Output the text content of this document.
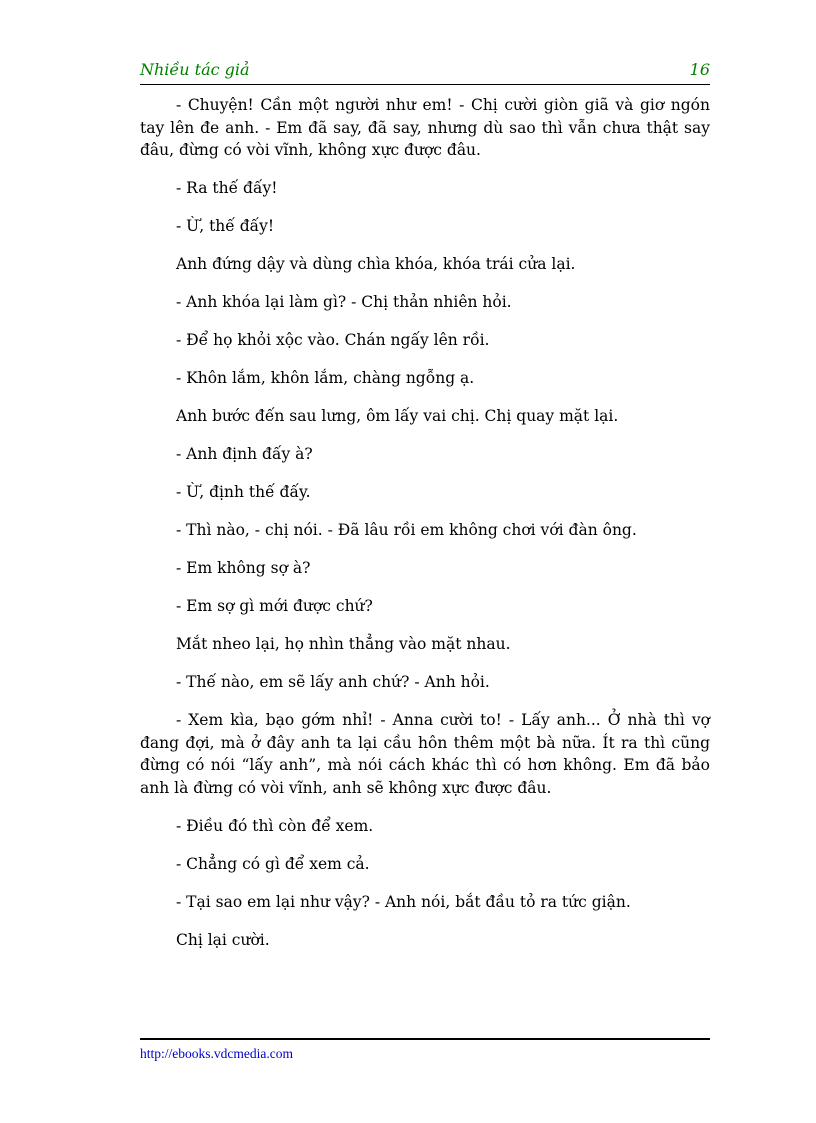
Nhiều tác giả	16

- Chuyện! Cần một người như em! - Chị cười giòn giã và giơ ngón tay lên đe anh. - Em đã say, đã say, nhưng dù sao thì vẫn chưa thật say đâu, đừng có vòi vĩnh, không xực được đâu.

- Ra thế đấy!

- Ừ, thế đấy!

Anh đứng dậy và dùng chìa khóa, khóa trái cửa lại.

- Anh khóa lại làm gì? - Chị thản nhiên hỏi.

- Để họ khỏi xộc vào. Chán ngấy lên rồi.

- Khôn lắm, khôn lắm, chàng ngỗng ạ.

Anh bước đến sau lưng, ôm lấy vai chị. Chị quay mặt lại.

- Anh định đấy à?

- Ừ, định thế đấy.

- Thì nào, - chị nói. - Đã lâu rồi em không chơi với đàn ông.

- Em không sợ à?

- Em sợ gì mới được chứ?

Mắt nheo lại, họ nhìn thẳng vào mặt nhau.

- Thế nào, em sẽ lấy anh chứ? - Anh hỏi.

- Xem kìa, bạo gớm nhỉ! - Anna cười to! - Lấy anh... Ở nhà thì vợ đang đợi, mà ở đây anh ta lại cầu hôn thêm một bà nữa. Ít ra thì cũng đừng có nói “lấy anh”, mà nói cách khác thì có hơn không. Em đã bảo anh là đừng có vòi vĩnh, anh sẽ không xực được đâu.

- Điều đó thì còn để xem.

- Chẳng có gì để xem cả.

- Tại sao em lại như vậy? - Anh nói, bắt đầu tỏ ra tức giận.

Chị lại cười.

http://ebooks.vdcmedia.com
